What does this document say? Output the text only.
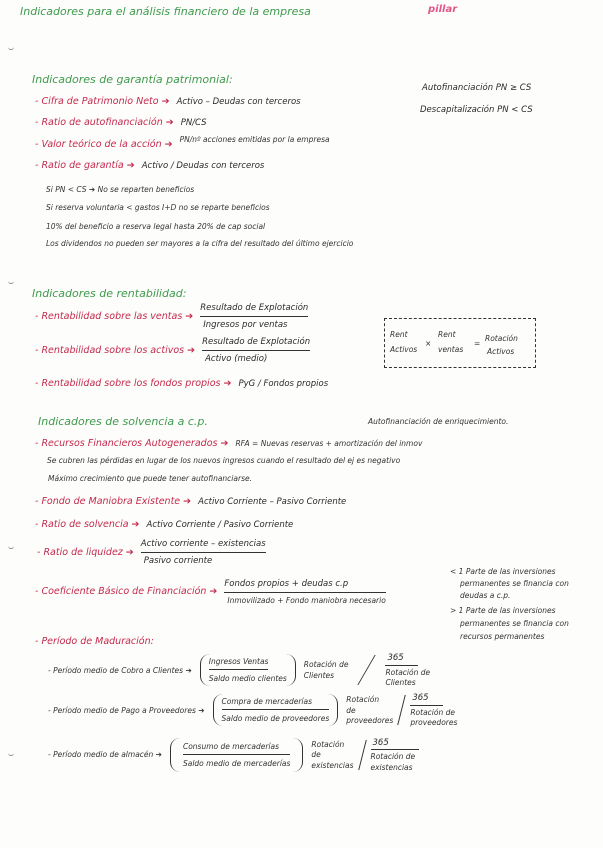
Indicadores para el análisis financiero de la empresa	pillar
Indicadores de garantía patrimonial:
- Cifra de Patrimonio Neto ➔ Activo – Deudas con terceros
- Ratio de autofinanciación ➔ PN/CS
- Valor teórico de la acción ➔ PN/nº acciones emitidas por la empresa
- Ratio de garantía ➔ Activo / Deudas con terceros
Autofinanciación PN ≥ CS
Descapitalización PN < CS
Si PN < CS ➔ No se reparten beneficios
Si reserva voluntaria < gastos I+D no se reparte beneficios
10% del beneficio a reserva legal hasta 20% de cap social
Los dividendos no pueden ser mayores a la cifra del resultado del último ejercicio
Indicadores de rentabilidad:
- Rentabilidad sobre las ventas ➔ $\frac{\text{Resultado de Explotación}}{\text{Ingresos por ventas}}$
- Rentabilidad sobre los activos ➔ $\frac{\text{Resultado de Explotación}}{\text{Activo (medio)}}$
- Rentabilidad sobre los fondos propios ➔ PyG / Fondos propios
Rent
Activos
×
Rent
ventas
=
Rotación
Activos
Indicadores de solvencia a c.p.	Autofinanciación de enriquecimiento.
- Recursos Financieros Autogenerados ➔ RFA = Nuevas reservas + amortización del inmov
Se cubren las pérdidas en lugar de los nuevos ingresos cuando el resultado del ej es negativo
Máximo crecimiento que puede tener autofinanciarse.
- Fondo de Maniobra Existente ➔ Activo Corriente – Pasivo Corriente
- Ratio de solvencia ➔ Activo Corriente / Pasivo Corriente
- Ratio de liquidez ➔ $\frac{\text{Activo corriente – existencias}}{\text{Pasivo corriente}}$
- Coeficiente Básico de Financiación ➔ $\frac{\text{Fondos propios + deudas c.p}}{\text{Inmovilizado + Fondo maniobra necesario}}$
< 1 Parte de las inversiones
permanentes se financia con
deudas a c.p.
> 1 Parte de las inversiones
permanentes se financia con
recursos permanentes
- Período de Maduración:
- Período medio de Cobro a Clientes ➔
Ingresos Ventas
Saldo medio clientes
Rotación de
Clientes
365
Rotación de
Clientes
- Período medio de Pago a Proveedores ➔
Compra de mercaderías
Saldo medio de proveedores
Rotación
de
proveedores
365
Rotación de
proveedores
- Período medio de almacén ➔
Consumo de mercaderías
Saldo medio de mercaderías
Rotación
de
existencias
365
Rotación de
existencias
